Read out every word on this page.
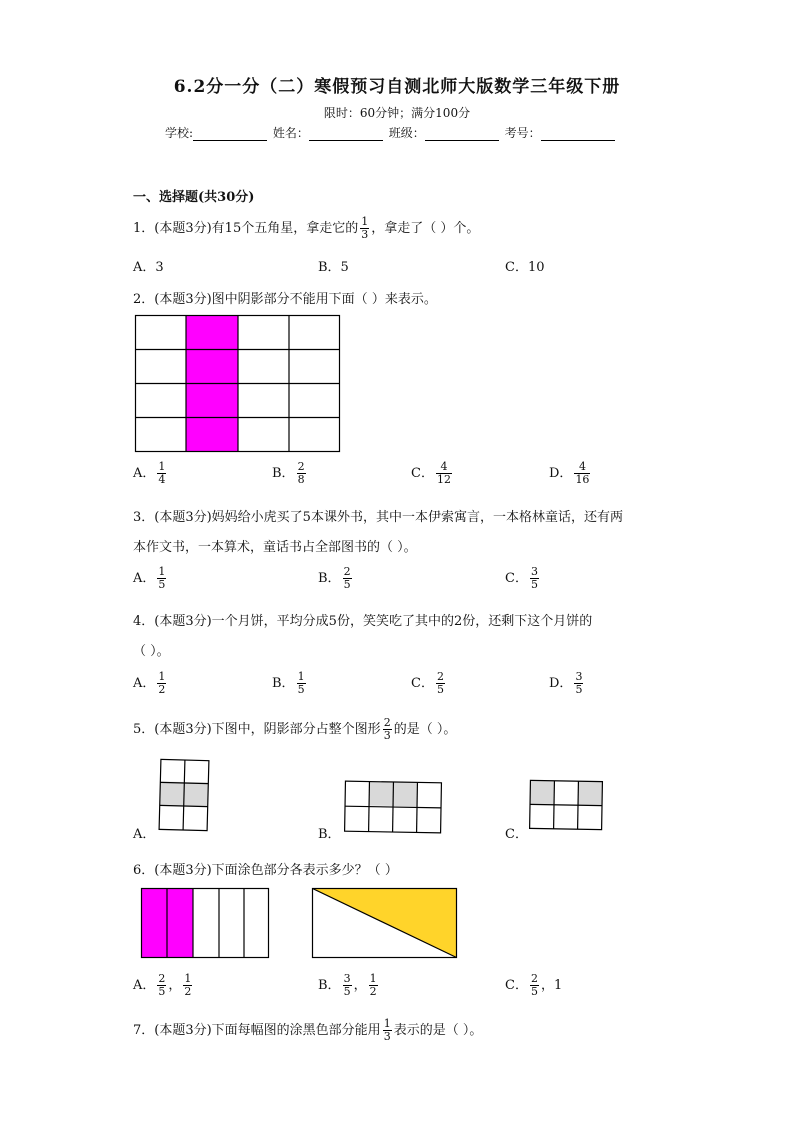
6.2分一分（二）寒假预习自测北师大版数学三年级下册
限时：60分钟；满分100分
学校:	姓名：	班级：	考号：
一、选择题(共30分)
1．(本题3分)有15个五角星，拿走它的 $\frac{1}{3}$ ，拿走了（ ）个。
A．3	B．5	C．10
2．(本题3分)图中阴影部分不能用下面（ ）来表示。
A． $\frac{1}{4}$	B． $\frac{2}{8}$	C． $\frac{4}{12}$	D． $\frac{4}{16}$
3．(本题3分)妈妈给小虎买了5本课外书，其中一本伊索寓言，一本格林童话，还有两
本作文书，一本算术，童话书占全部图书的（ ）。
A． $\frac{1}{5}$	B． $\frac{2}{5}$	C． $\frac{3}{5}$
4．(本题3分)一个月饼，平均分成5份，笑笑吃了其中的2份，还剩下这个月饼的
（ ）。
A． $\frac{1}{2}$	B． $\frac{1}{5}$	C． $\frac{2}{5}$	D． $\frac{3}{5}$
5．(本题3分)下图中，阴影部分占整个图形 $\frac{2}{3}$ 的是（ ）。
A．	B．	C．
6．(本题3分)下面涂色部分各表示多少？（ ）
A． $\frac{2}{5}$ ， $\frac{1}{2}$	B． $\frac{3}{5}$ ， $\frac{1}{2}$	C． $\frac{2}{5}$ ，1
7．(本题3分)下面每幅图的涂黑色部分能用 $\frac{1}{3}$ 表示的是（ ）。
